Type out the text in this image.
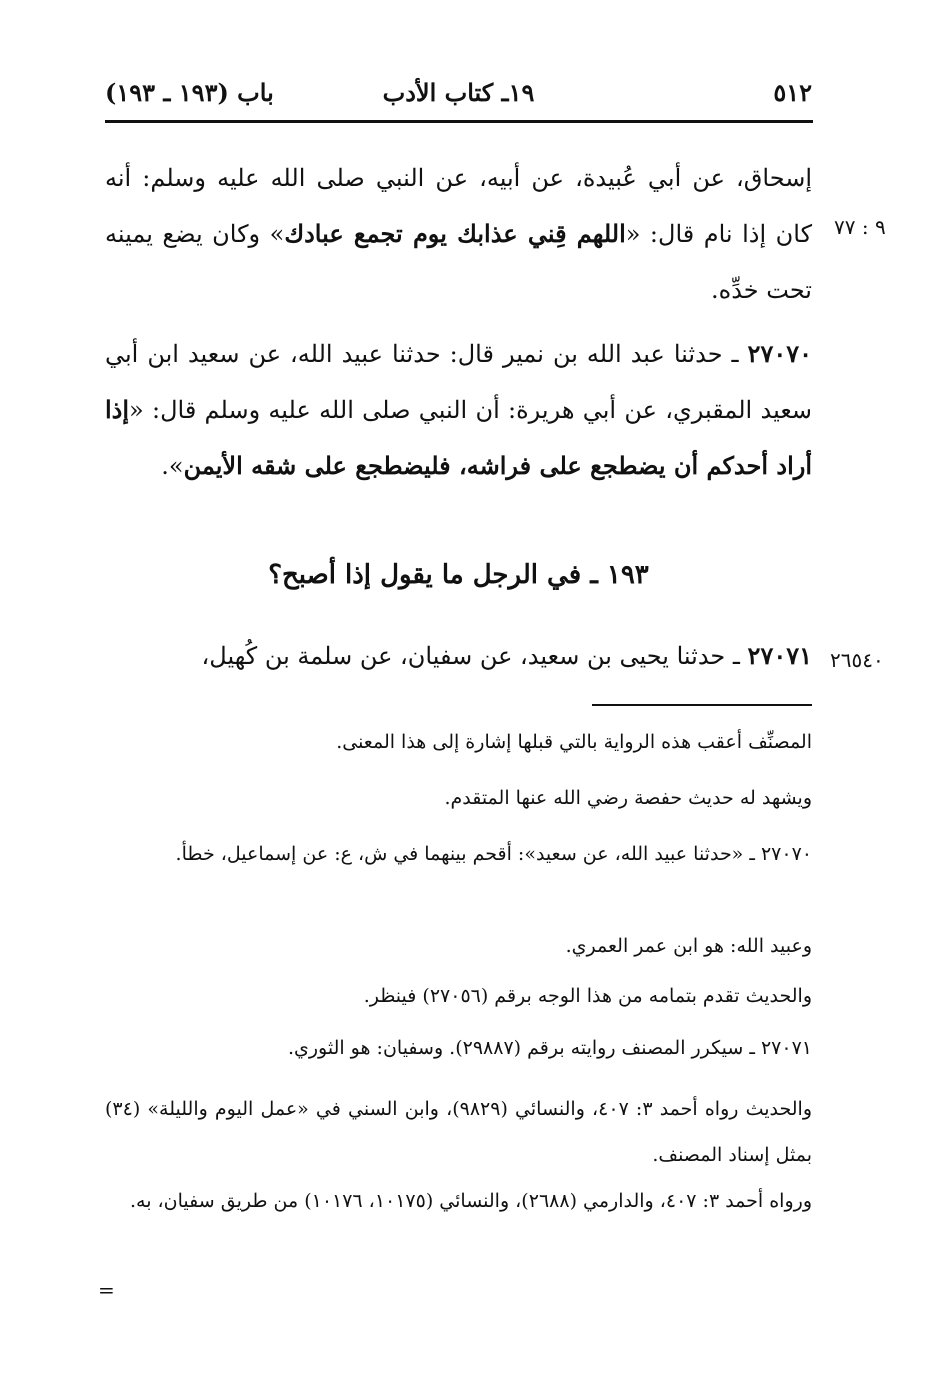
٥١٢
١٩ـ كتاب الأدب
باب (١٩٣ ـ ١٩٣)
٩ : ٧٧
إسحاق، عن أبي عُبيدة، عن أبيه، عن النبي صلى الله عليه وسلم: أنه كان إذا نام قال: «اللهم قِني عذابك يوم تجمع عبادك» وكان يضع يمينه تحت خدِّه.
٢٧٠٧٠ ـ حدثنا عبد الله بن نمير قال: حدثنا عبيد الله، عن سعيد ابن أبي سعيد المقبري، عن أبي هريرة: أن النبي صلى الله عليه وسلم قال: «إذا أراد أحدكم أن يضطجع على فراشه، فليضطجع على شقه الأيمن».
١٩٣ ـ في الرجل ما يقول إذا أصبح؟
٢٦٥٤٠
٢٧٠٧١ ـ حدثنا يحيى بن سعيد، عن سفيان، عن سلمة بن كُهيل،
المصنِّف أعقب هذه الرواية بالتي قبلها إشارة إلى هذا المعنى.
ويشهد له حديث حفصة رضي الله عنها المتقدم.
٢٧٠٧٠ ـ «حدثنا عبيد الله، عن سعيد»: أقحم بينهما في ش، ع: عن إسماعيل، خطأ.
وعبيد الله: هو ابن عمر العمري.
والحديث تقدم بتمامه من هذا الوجه برقم (٢٧٠٥٦) فينظر.
٢٧٠٧١ ـ سيكرر المصنف روايته برقم (٢٩٨٨٧). وسفيان: هو الثوري.
والحديث رواه أحمد ٣: ٤٠٧، والنسائي (٩٨٢٩)، وابن السني في «عمل اليوم والليلة» (٣٤) بمثل إسناد المصنف.
ورواه أحمد ٣: ٤٠٧، والدارمي (٢٦٨٨)، والنسائي (١٠١٧٥، ١٠١٧٦) من طريق سفيان، به.
=
